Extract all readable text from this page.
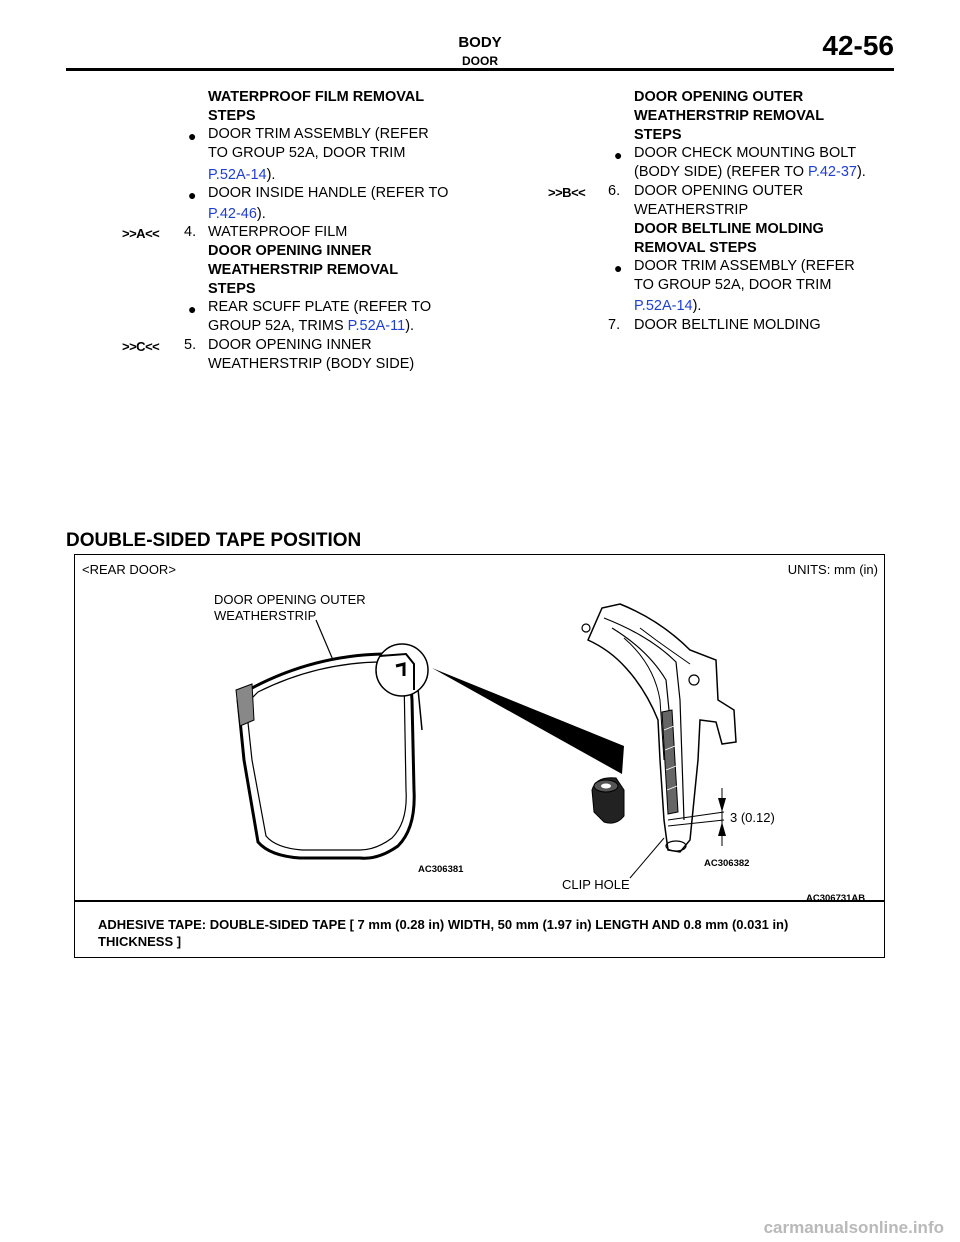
BODY
DOOR	42-56
WATERPROOF FILM REMOVAL
STEPS
● DOOR TRIM ASSEMBLY (REFER
TO GROUP 52A, DOOR TRIM
P.52A-14).
● DOOR INSIDE HANDLE (REFER TO
P.42-46).
>>A<< 4. WATERPROOF FILM
DOOR OPENING INNER
WEATHERSTRIP REMOVAL
STEPS
● REAR SCUFF PLATE (REFER TO
GROUP 52A, TRIMS P.52A-11).
>>C<< 5. DOOR OPENING INNER
WEATHERSTRIP (BODY SIDE)
DOOR OPENING OUTER
WEATHERSTRIP REMOVAL
STEPS
● DOOR CHECK MOUNTING BOLT
(BODY SIDE) (REFER TO P.42-37).
>>B<< 6. DOOR OPENING OUTER
WEATHERSTRIP
DOOR BELTLINE MOLDING
REMOVAL STEPS
● DOOR TRIM ASSEMBLY (REFER
TO GROUP 52A, DOOR TRIM
P.52A-14).
7. DOOR BELTLINE MOLDING
DOUBLE-SIDED TAPE POSITION
<REAR DOOR>	UNITS: mm (in)
DOOR OPENING OUTER
WEATHERSTRIP
3 (0.12)
CLIP HOLE
AC306381
AC306382
AC306731AB
ADHESIVE TAPE: DOUBLE-SIDED TAPE [ 7 mm (0.28 in) WIDTH, 50 mm (1.97 in) LENGTH AND 0.8 mm (0.031 in) THICKNESS ]
carmanualsonline.info
